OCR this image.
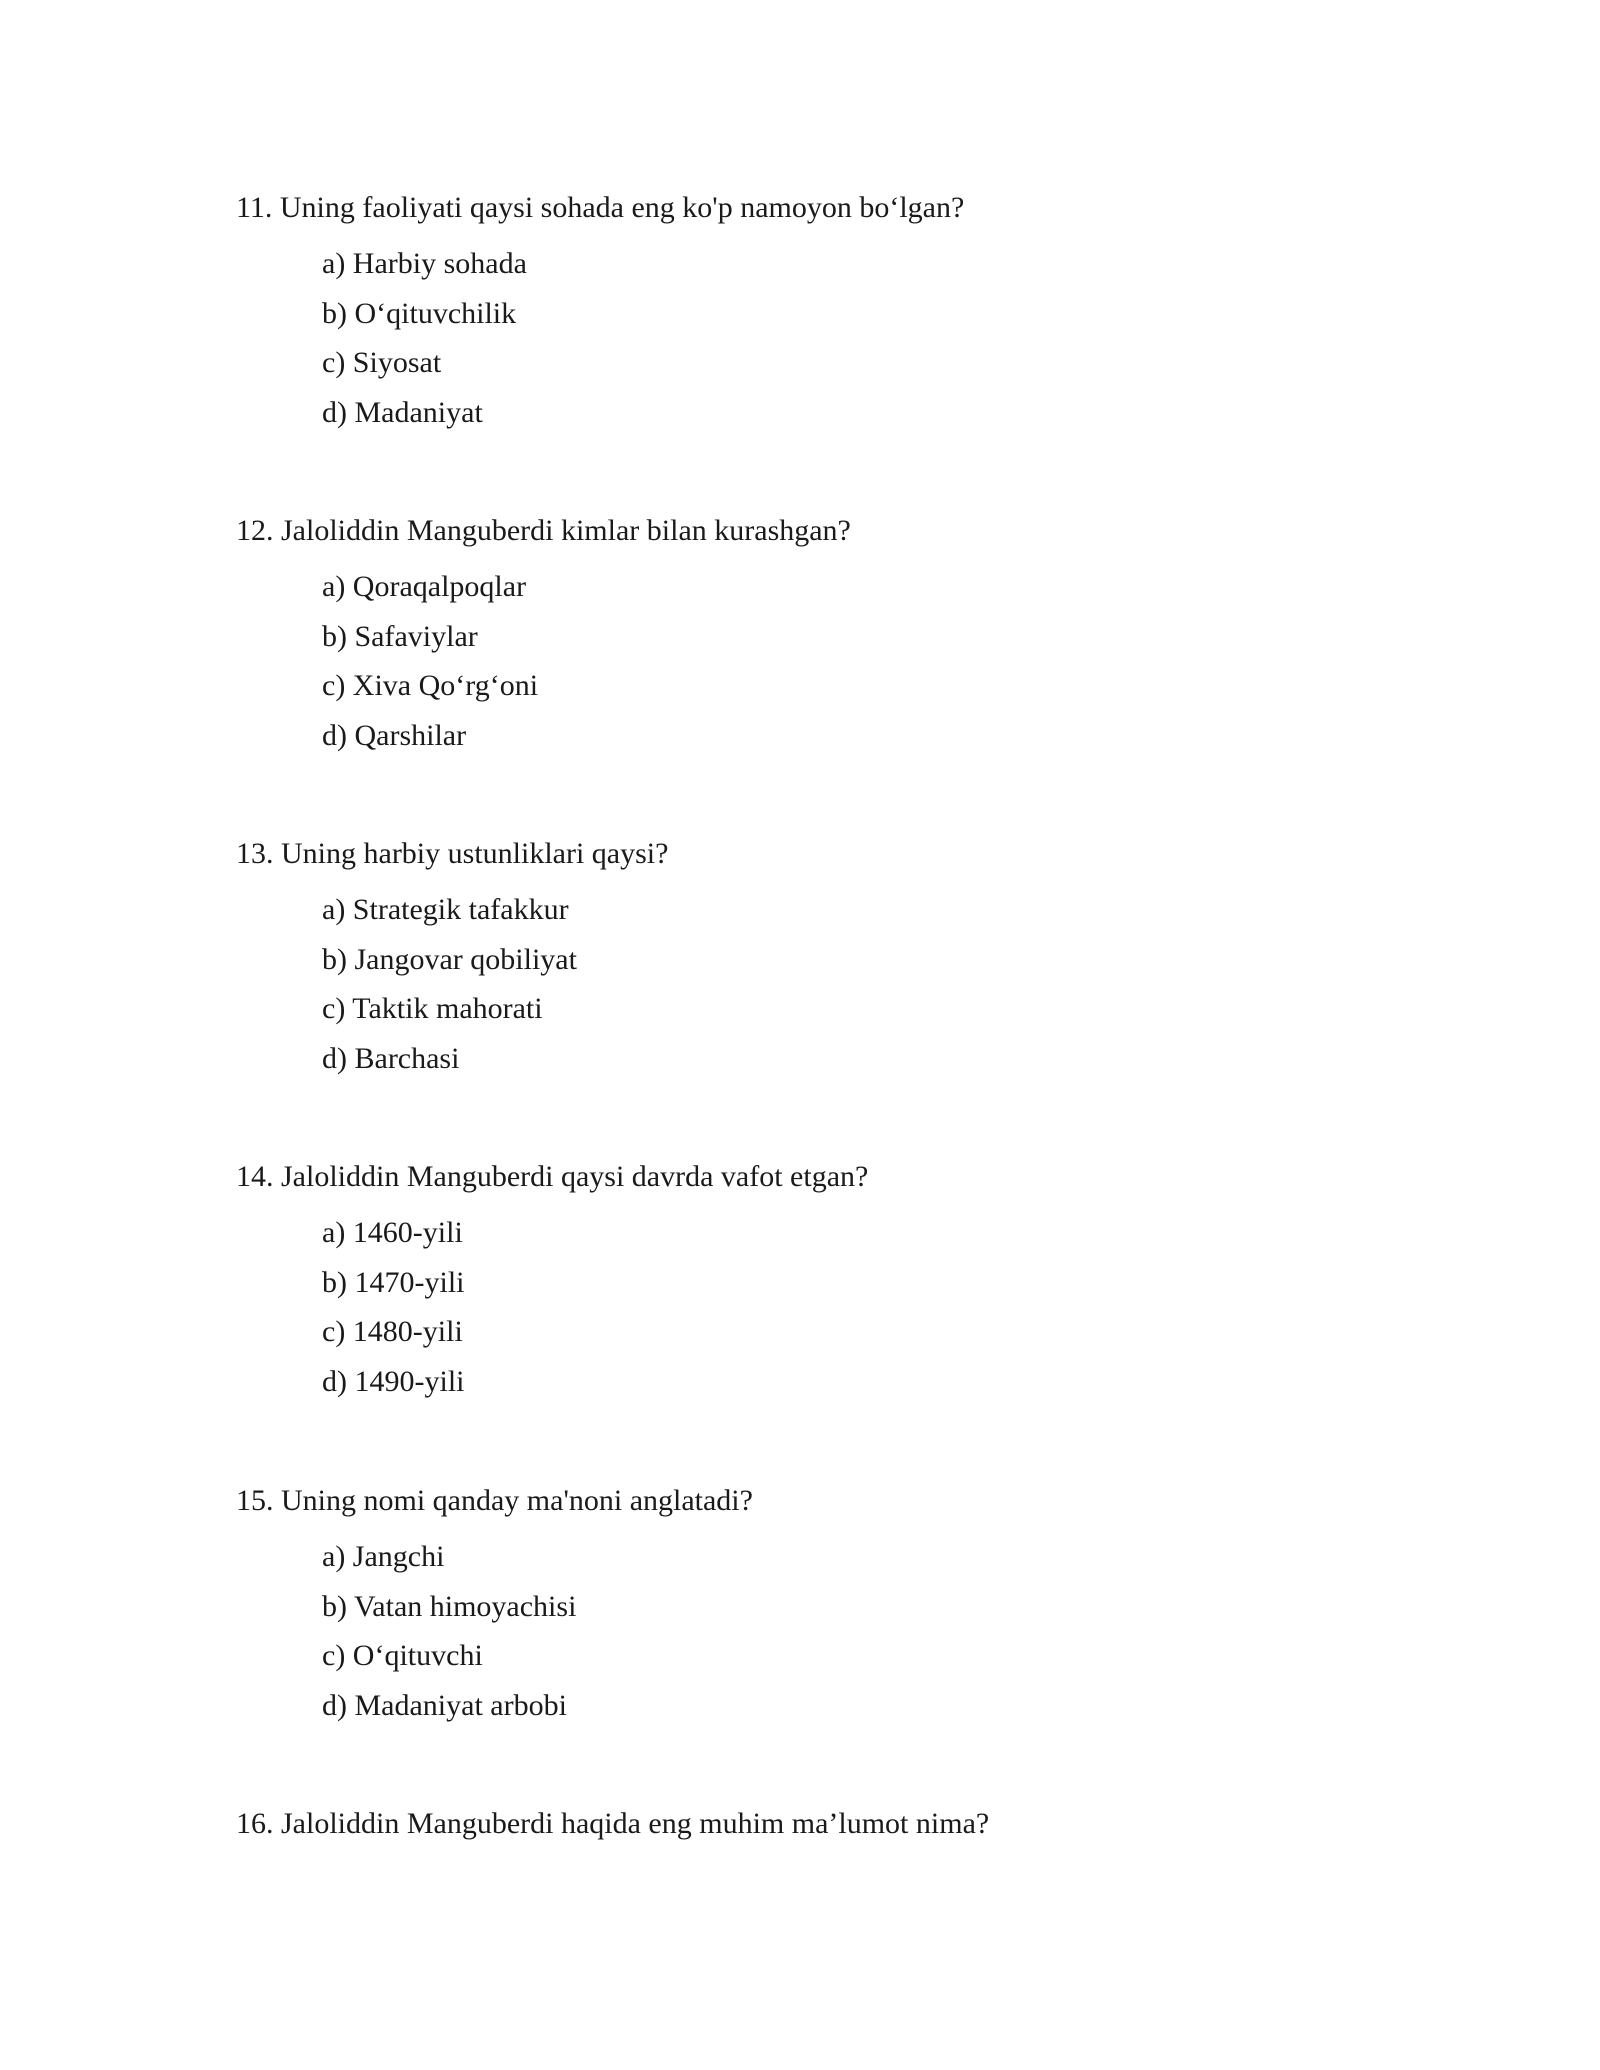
11. Uning faoliyati qaysi sohada eng ko'p namoyon bo‘lgan?

a) Harbiy sohada
b) O‘qituvchilik
c) Siyosat
d) Madaniyat

12. Jaloliddin Manguberdi kimlar bilan kurashgan?

a) Qoraqalpoqlar
b) Safaviylar
c) Xiva Qo‘rg‘oni
d) Qarshilar

13. Uning harbiy ustunliklari qaysi?

a) Strategik tafakkur
b) Jangovar qobiliyat
c) Taktik mahorati
d) Barchasi

14. Jaloliddin Manguberdi qaysi davrda vafot etgan?

a) 1460-yili
b) 1470-yili
c) 1480-yili
d) 1490-yili

15. Uning nomi qanday ma'noni anglatadi?

a) Jangchi
b) Vatan himoyachisi
c) O‘qituvchi
d) Madaniyat arbobi

16. Jaloliddin Manguberdi haqida eng muhim ma’lumot nima?
